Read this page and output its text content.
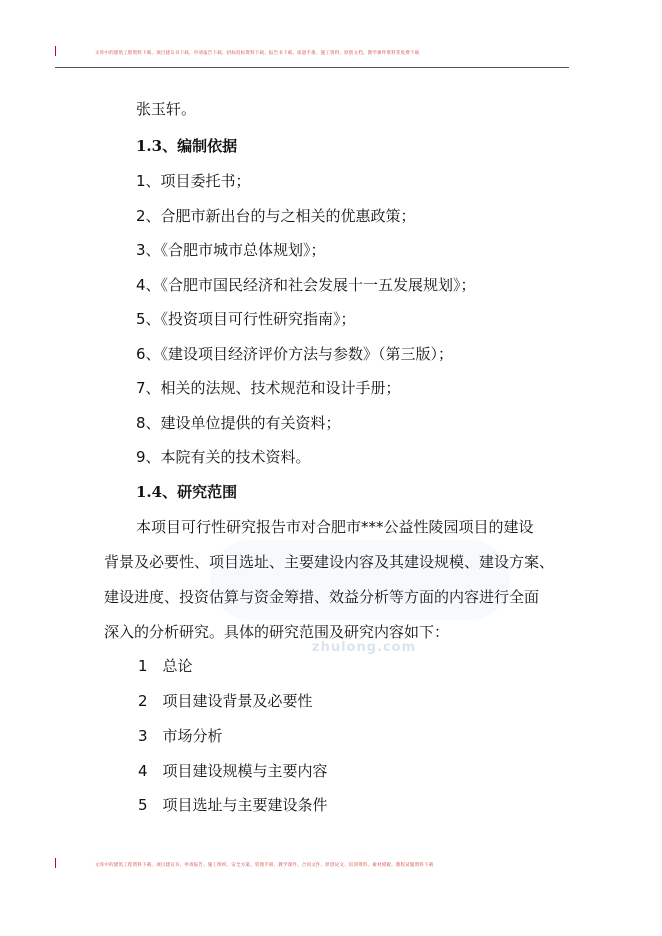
文库中的建筑工程资料下载、项目建议书下载、申请报告下载、招标投标资料下载、报告书下载、质量手册、施工资料、原创文档、教学课件资料等免费下载
zhulong.com
张玉轩。
1.3、编制依据
1、项目委托书；
2、合肥市新出台的与之相关的优惠政策；
3、《合肥市城市总体规划》；
4、《合肥市国民经济和社会发展十一五发展规划》；
5、《投资项目可行性研究指南》；
6、《建设项目经济评价方法与参数》（第三版）；
7、相关的法规、技术规范和设计手册；
8、建设单位提供的有关资料；
9、本院有关的技术资料。
1.4、研究范围
本项目可行性研究报告市对合肥市***公益性陵园项目的建设
背景及必要性、项目选址、主要建设内容及其建设规模、建设方案、
建设进度、投资估算与资金筹措、效益分析等方面的内容进行全面
深入的分析研究。具体的研究范围及研究内容如下：
1　总论
2　项目建设背景及必要性
3　市场分析
4　项目建设规模与主要内容
5　项目选址与主要建设条件
文库中的建筑工程资料下载、项目建议书、申请报告、施工组织、安全方案、管理手册、教学课件、合同文件、原创论文、培训资料、素材模板、教程试题资料下载
